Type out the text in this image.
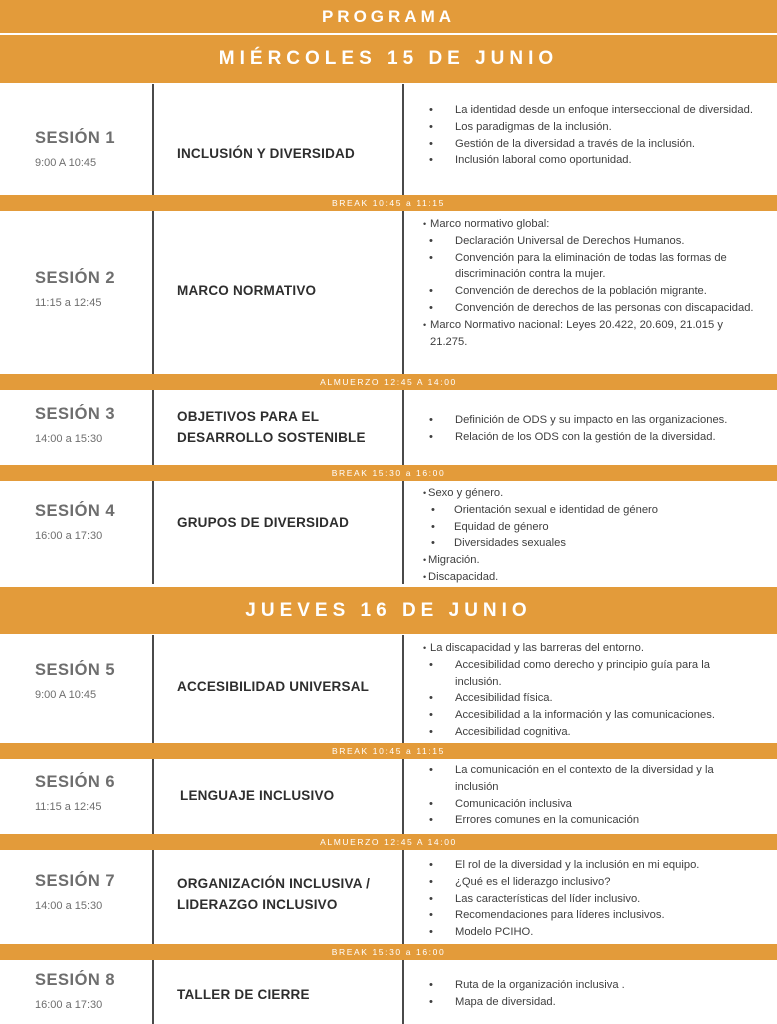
PROGRAMA
MIÉRCOLES 15 DE JUNIO
SESIÓN 1
9:00 A 10:45
INCLUSIÓN Y DIVERSIDAD
• La identidad desde un enfoque interseccional de diversidad.
• Los paradigmas de la inclusión.
• Gestión de la diversidad a través de la inclusión.
• Inclusión laboral como oportunidad.
BREAK 10:45 a 11:15
SESIÓN 2
11:15 a 12:45
MARCO NORMATIVO
• Marco normativo global:
• Declaración Universal de Derechos Humanos.
• Convención para la eliminación de todas las formas de discriminación contra la mujer.
• Convención de derechos de la población migrante.
• Convención de derechos de las personas con discapacidad.
• Marco Normativo nacional: Leyes 20.422, 20.609, 21.015 y 21.275.
ALMUERZO 12:45 A 14:00
SESIÓN 3
14:00 a 15:30
OBJETIVOS PARA EL
DESARROLLO SOSTENIBLE
• Definición de ODS y su impacto en las organizaciones.
• Relación de los ODS con la gestión de la diversidad.
BREAK 15:30 a 16:00
SESIÓN 4
16:00 a 17:30
GRUPOS DE DIVERSIDAD
• Sexo y género.
• Orientación sexual e identidad de género
• Equidad de género
• Diversidades sexuales
• Migración.
• Discapacidad.
JUEVES 16 DE JUNIO
SESIÓN 5
9:00 A 10:45
ACCESIBILIDAD UNIVERSAL
• La discapacidad y las barreras del entorno.
• Accesibilidad como derecho y principio guía para la inclusión.
• Accesibilidad física.
• Accesibilidad a la información y las comunicaciones.
• Accesibilidad cognitiva.
BREAK 10:45 a 11:15
SESIÓN 6
11:15 a 12:45
LENGUAJE INCLUSIVO
• La comunicación en el contexto de la diversidad y la inclusión
• Comunicación inclusiva
• Errores comunes en la comunicación
ALMUERZO 12:45 A 14:00
SESIÓN 7
14:00 a 15:30
ORGANIZACIÓN INCLUSIVA /
LIDERAZGO INCLUSIVO
• El rol de la diversidad y la inclusión en mi equipo.
• ¿Qué es el liderazgo inclusivo?
• Las características del líder inclusivo.
• Recomendaciones para líderes inclusivos.
• Modelo PCIHO.
BREAK 15:30 a 16:00
SESIÓN 8
16:00 a 17:30
TALLER DE CIERRE
• Ruta de la organización inclusiva .
• Mapa de diversidad.
